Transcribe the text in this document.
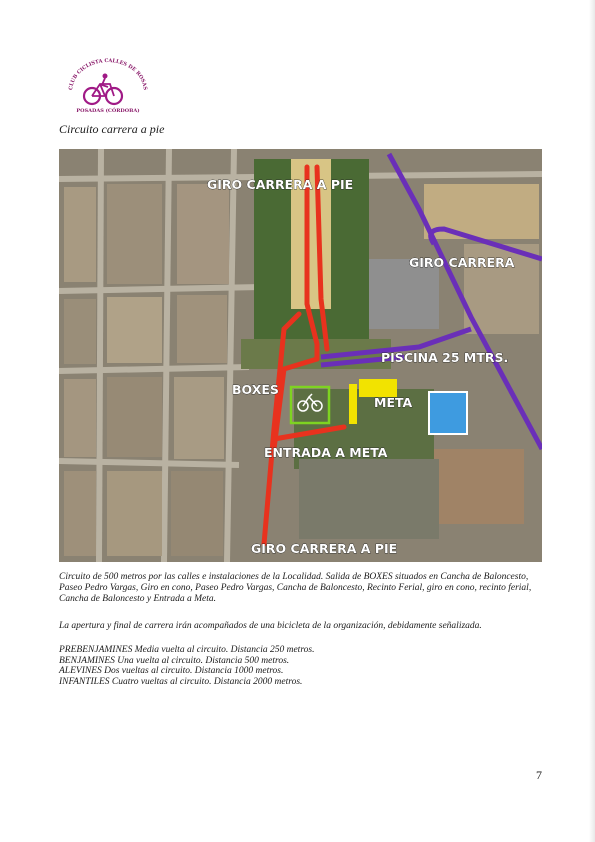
CLUB CICLISTA CALLES DE ROSAS
POSADAS (CÓRDOBA)
Circuito carrera a pie
GIRO CARRERA A PIE
GIRO CARRERA
PISCINA 25 MTRS.
BOXES
META
ENTRADA A META
GIRO CARRERA A PIE

Circuito de 500 metros por las calles e instalaciones de la Localidad. Salida de BOXES situados en Cancha de Baloncesto, Paseo Pedro Vargas, Giro en cono, Paseo Pedro Vargas, Cancha de Baloncesto, Recinto Ferial, giro en cono, recinto ferial, Cancha de Baloncesto y Entrada a Meta.

La apertura y final de carrera irán acompañados de una bicicleta de la organización, debidamente señalizada.

PREBENJAMINES Media vuelta al circuito. Distancia 250 metros.
BENJAMINES Una vuelta al circuito. Distancia 500 metros.
ALEVINES Dos vueltas al circuito. Distancia 1000 metros.
INFANTILES Cuatro vueltas al circuito. Distancia 2000 metros.
7
